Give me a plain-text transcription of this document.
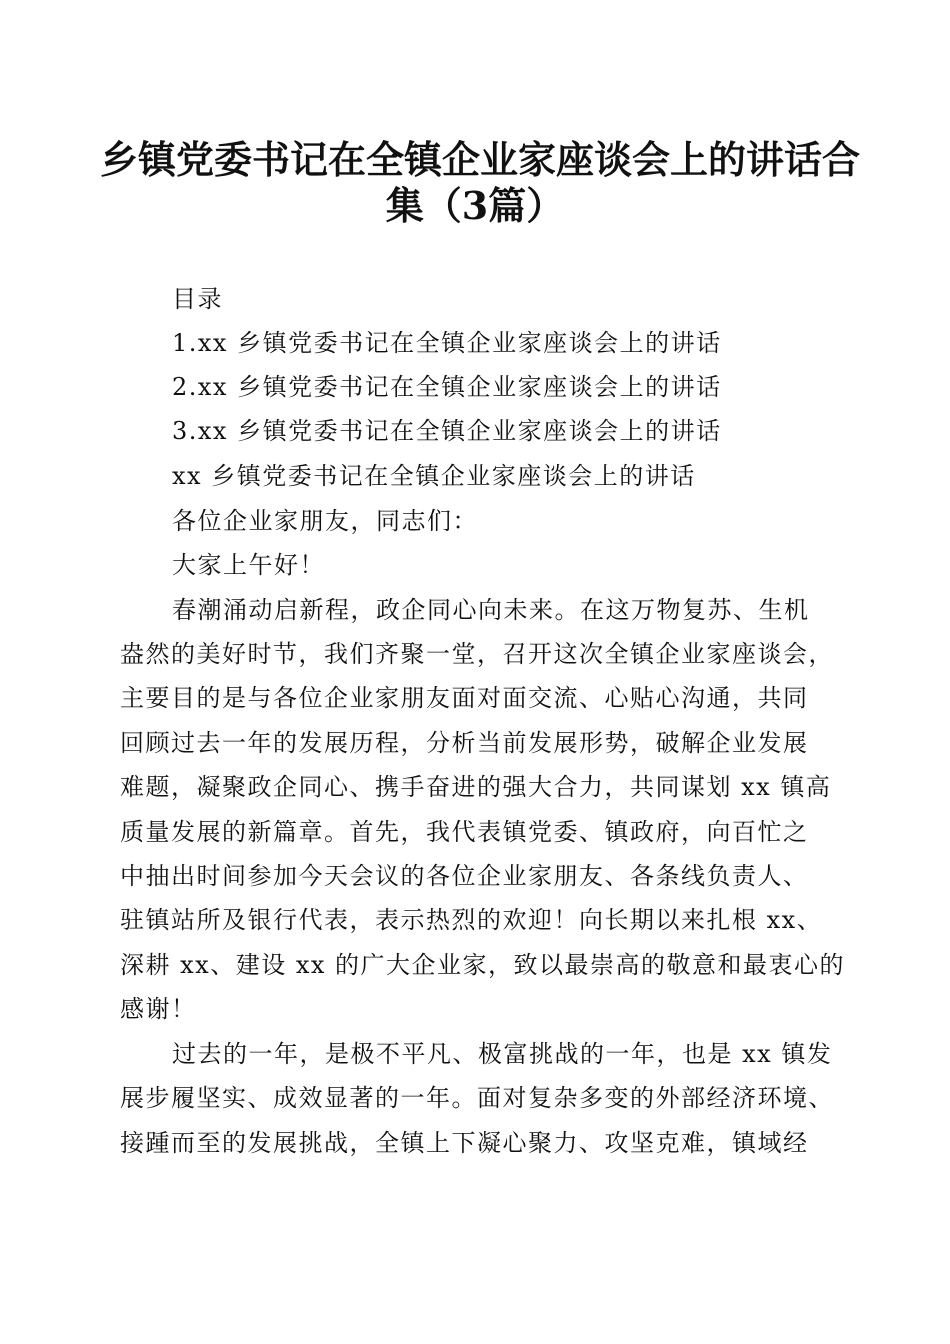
乡镇党委书记在全镇企业家座谈会上的讲话合
集（3篇）
目录
1.xx 乡镇党委书记在全镇企业家座谈会上的讲话
2.xx 乡镇党委书记在全镇企业家座谈会上的讲话
3.xx 乡镇党委书记在全镇企业家座谈会上的讲话
xx 乡镇党委书记在全镇企业家座谈会上的讲话
各位企业家朋友，同志们：
大家上午好！
春潮涌动启新程，政企同心向未来。在这万物复苏、生机
盎然的美好时节，我们齐聚一堂，召开这次全镇企业家座谈会，
主要目的是与各位企业家朋友面对面交流、心贴心沟通，共同
回顾过去一年的发展历程，分析当前发展形势，破解企业发展
难题，凝聚政企同心、携手奋进的强大合力，共同谋划 xx 镇高
质量发展的新篇章。首先，我代表镇党委、镇政府，向百忙之
中抽出时间参加今天会议的各位企业家朋友、各条线负责人、
驻镇站所及银行代表，表示热烈的欢迎！向长期以来扎根 xx、
深耕 xx、建设 xx 的广大企业家，致以最崇高的敬意和最衷心的
感谢！
过去的一年，是极不平凡、极富挑战的一年，也是 xx 镇发
展步履坚实、成效显著的一年。面对复杂多变的外部经济环境、
接踵而至的发展挑战，全镇上下凝心聚力、攻坚克难，镇域经
